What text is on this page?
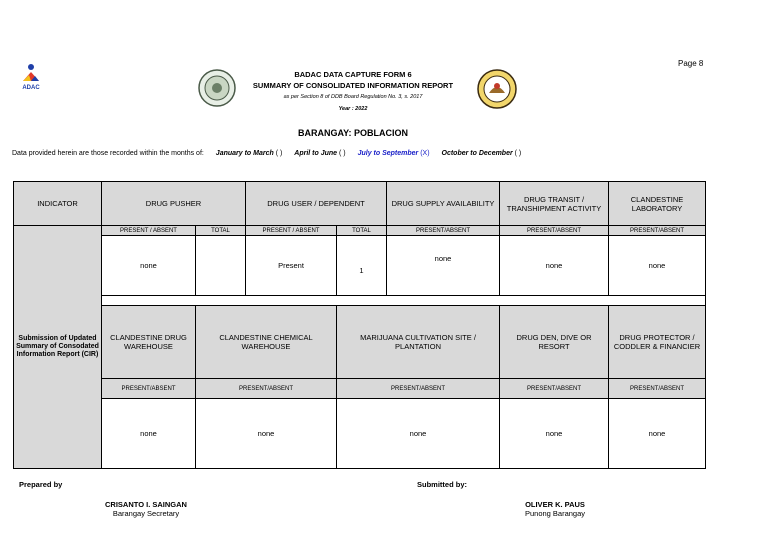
Page 8
ADAC
BADAC DATA CAPTURE FORM 6
SUMMARY OF CONSOLIDATED INFORMATION REPORT
as per Section 8 of DDB Board Regulation No. 3, s. 2017
Year : 2022
BARANGAY: POBLACION
Data provided herein are those recorded within the months of: January to March ( ) April to June ( ) July to September (X) October to December ( )
INDICATOR	DRUG PUSHER		DRUG USER / DEPENDENT		DRUG SUPPLY AVAILABILITY	DRUG TRANSIT / TRANSHIPMENT ACTIVITY	CLANDESTINE LABORATORY
Submission of Updated Summary of Consodated Information Report (CIR)	PRESENT / ABSENT	TOTAL	PRESENT / ABSENT	TOTAL	PRESENT/ABSENT	PRESENT/ABSENT	PRESENT/ABSENT
	none		Present	1	none	none	none

	CLANDESTINE DRUG WAREHOUSE	CLANDESTINE CHEMICAL WAREHOUSE		MARIJUANA CULTIVATION SITE / PLANTATION		DRUG DEN, DIVE OR RESORT	DRUG PROTECTOR / CODDLER & FINANCIER
	PRESENT/ABSENT	PRESENT/ABSENT		PRESENT/ABSENT		PRESENT/ABSENT	PRESENT/ABSENT
	none	none		none		none	none
Prepared by	Submitted by:
CRISANTO I. SAINGAN
Barangay Secretary
OLIVER K. PAUS
Punong Barangay
